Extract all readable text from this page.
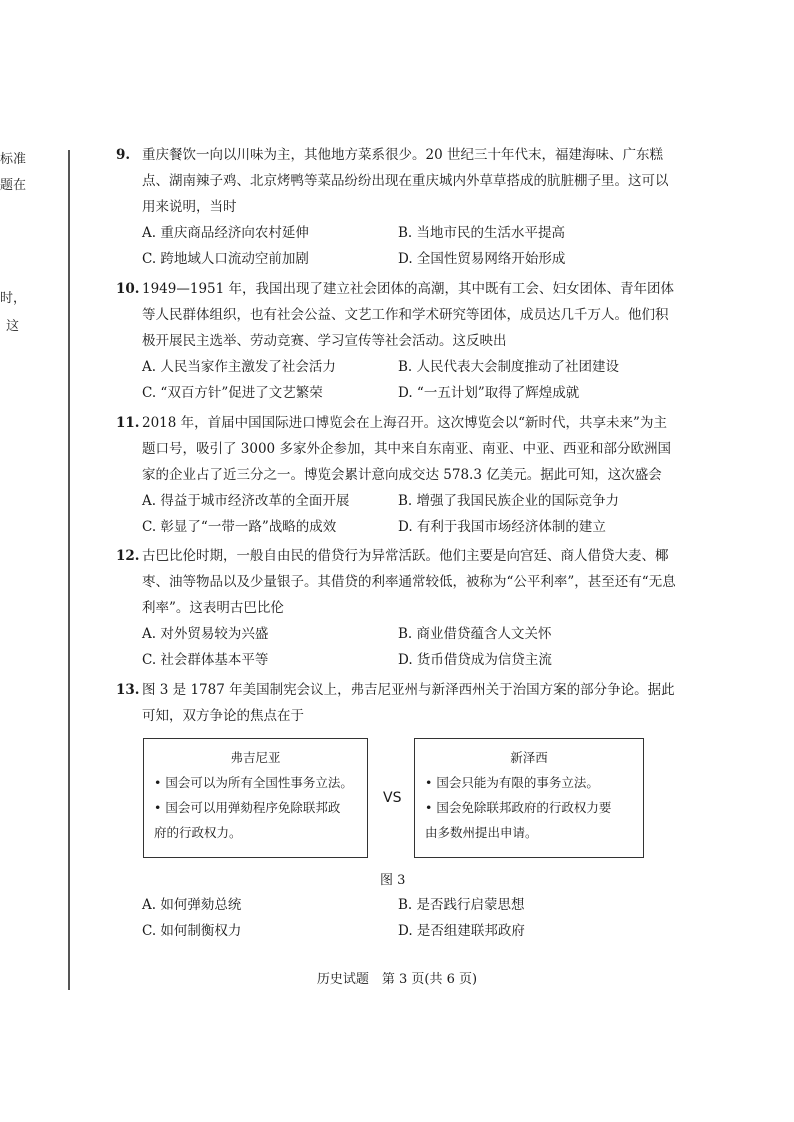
标准
题在
时，
这
9. 重庆餐饮一向以川味为主，其他地方菜系很少。20 世纪三十年代末，福建海味、广东糕点、湖南辣子鸡、北京烤鸭等菜品纷纷出现在重庆城内外草草搭成的肮脏棚子里。这可以用来说明，当时
A. 重庆商品经济向农村延伸	B. 当地市民的生活水平提高
C. 跨地域人口流动空前加剧	D. 全国性贸易网络开始形成
10. 1949—1951 年，我国出现了建立社会团体的高潮，其中既有工会、妇女团体、青年团体等人民群体组织，也有社会公益、文艺工作和学术研究等团体，成员达几千万人。他们积极开展民主选举、劳动竞赛、学习宣传等社会活动。这反映出
A. 人民当家作主激发了社会活力	B. 人民代表大会制度推动了社团建设
C. “双百方针”促进了文艺繁荣	D. “一五计划”取得了辉煌成就
11. 2018 年，首届中国国际进口博览会在上海召开。这次博览会以“新时代，共享未来”为主题口号，吸引了 3000 多家外企参加，其中来自东南亚、南亚、中亚、西亚和部分欧洲国家的企业占了近三分之一。博览会累计意向成交达 578.3 亿美元。据此可知，这次盛会
A. 得益于城市经济改革的全面开展	B. 增强了我国民族企业的国际竞争力
C. 彰显了“一带一路”战略的成效	D. 有利于我国市场经济体制的建立
12. 古巴比伦时期，一般自由民的借贷行为异常活跃。他们主要是向宫廷、商人借贷大麦、椰枣、油等物品以及少量银子。其借贷的利率通常较低，被称为“公平利率”，甚至还有“无息利率”。这表明古巴比伦
A. 对外贸易较为兴盛	B. 商业借贷蕴含人文关怀
C. 社会群体基本平等	D. 货币借贷成为信贷主流
13. 图 3 是 1787 年美国制宪会议上，弗吉尼亚州与新泽西州关于治国方案的部分争论。据此可知，双方争论的焦点在于
弗吉尼亚
• 国会可以为所有全国性事务立法。
• 国会可以用弹劾程序免除联邦政
府的行政权力。
VS
新泽西
• 国会只能为有限的事务立法。
• 国会免除联邦政府的行政权力要
由多数州提出申请。
图 3
A. 如何弹劾总统	B. 是否践行启蒙思想
C. 如何制衡权力	D. 是否组建联邦政府
历史试题　第 3 页(共 6 页)
